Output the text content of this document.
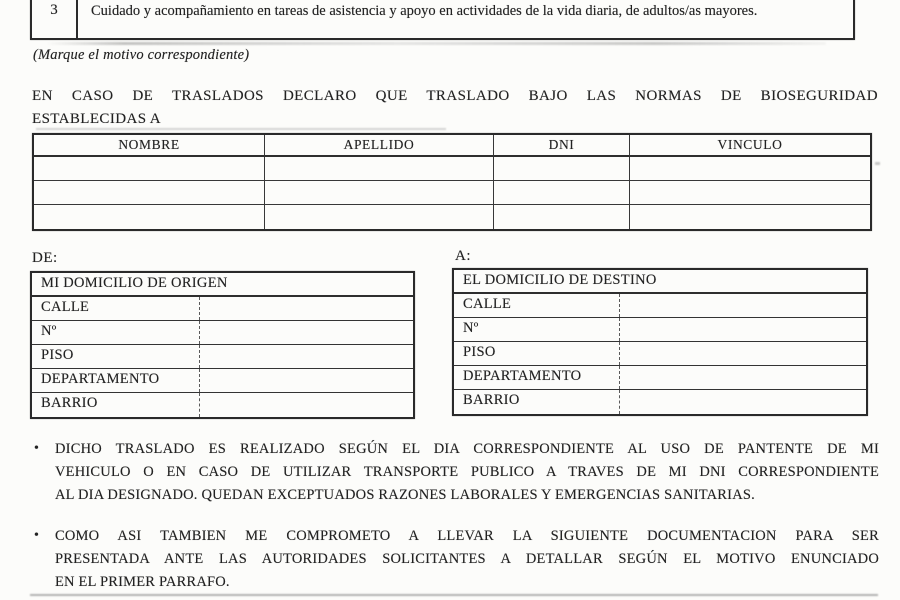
3	Cuidado y acompañamiento en tareas de asistencia y apoyo en actividades de la vida diaria, de adultos/as mayores.
(Marque el motivo correspondiente)
EN CASO DE TRASLADOS DECLARO QUE TRASLADO BAJO LAS NORMAS DE BIOSEGURIDAD
ESTABLECIDAS A
NOMBRE	APELLIDO	DNI	VINCULO
DE:	A:
MI DOMICILIO DE ORIGEN
CALLE
Nº
PISO
DEPARTAMENTO
BARRIO
EL DOMICILIO DE DESTINO
CALLE
Nº
PISO
DEPARTAMENTO
BARRIO
• DICHO TRASLADO ES REALIZADO SEGÚN EL DIA CORRESPONDIENTE AL USO DE PANTENTE DE MI
VEHICULO O EN CASO DE UTILIZAR TRANSPORTE PUBLICO A TRAVES DE MI DNI CORRESPONDIENTE
AL DIA DESIGNADO. QUEDAN EXCEPTUADOS RAZONES LABORALES Y EMERGENCIAS SANITARIAS.
• COMO ASI TAMBIEN ME COMPROMETO A LLEVAR LA SIGUIENTE DOCUMENTACION PARA SER
PRESENTADA ANTE LAS AUTORIDADES SOLICITANTES A DETALLAR SEGÚN EL MOTIVO ENUNCIADO
EN EL PRIMER PARRAFO.
